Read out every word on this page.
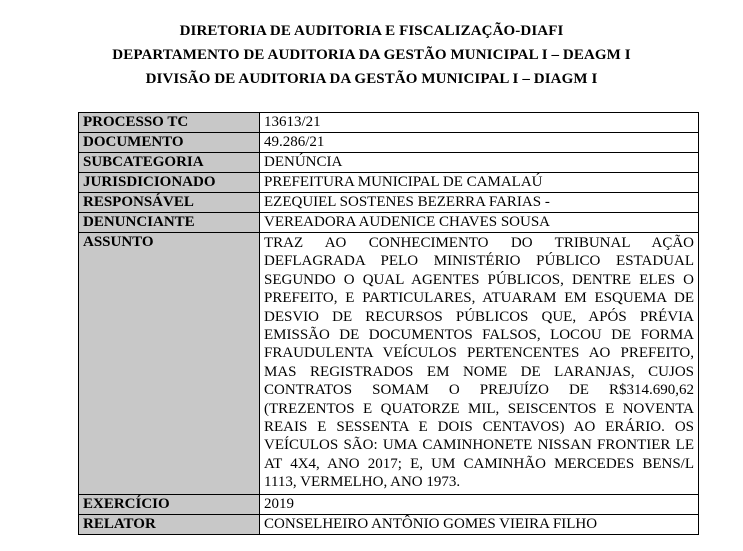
DIRETORIA DE AUDITORIA E FISCALIZAÇÃO-DIAFI
DEPARTAMENTO DE AUDITORIA DA GESTÃO MUNICIPAL I – DEAGM I
DIVISÃO DE AUDITORIA DA GESTÃO MUNICIPAL I – DIAGM I
PROCESSO TC	13613/21
DOCUMENTO	49.286/21
SUBCATEGORIA	DENÚNCIA
JURISDICIONADO	PREFEITURA MUNICIPAL DE CAMALAÚ
RESPONSÁVEL	EZEQUIEL SOSTENES BEZERRA FARIAS -
DENUNCIANTE	VEREADORA AUDENICE CHAVES SOUSA
ASSUNTO	TRAZ AO CONHECIMENTO DO TRIBUNAL AÇÃO DEFLAGRADA PELO MINISTÉRIO PÚBLICO ESTADUAL SEGUNDO O QUAL AGENTES PÚBLICOS, DENTRE ELES O PREFEITO, E PARTICULARES, ATUARAM EM ESQUEMA DE DESVIO DE RECURSOS PÚBLICOS QUE, APÓS PRÉVIA EMISSÃO DE DOCUMENTOS FALSOS, LOCOU DE FORMA FRAUDULENTA VEÍCULOS PERTENCENTES AO PREFEITO, MAS REGISTRADOS EM NOME DE LARANJAS, CUJOS CONTRATOS SOMAM O PREJUÍZO DE R$314.690,62 (TREZENTOS E QUATORZE MIL, SEISCENTOS E NOVENTA REAIS E SESSENTA E DOIS CENTAVOS) AO ERÁRIO. OS VEÍCULOS SÃO: UMA CAMINHONETE NISSAN FRONTIER LE AT 4X4, ANO 2017; E, UM CAMINHÃO MERCEDES BENS/L 1113, VERMELHO, ANO 1973.

EXERCÍCIO	2019
RELATOR	CONSELHEIRO ANTÔNIO GOMES VIEIRA FILHO
